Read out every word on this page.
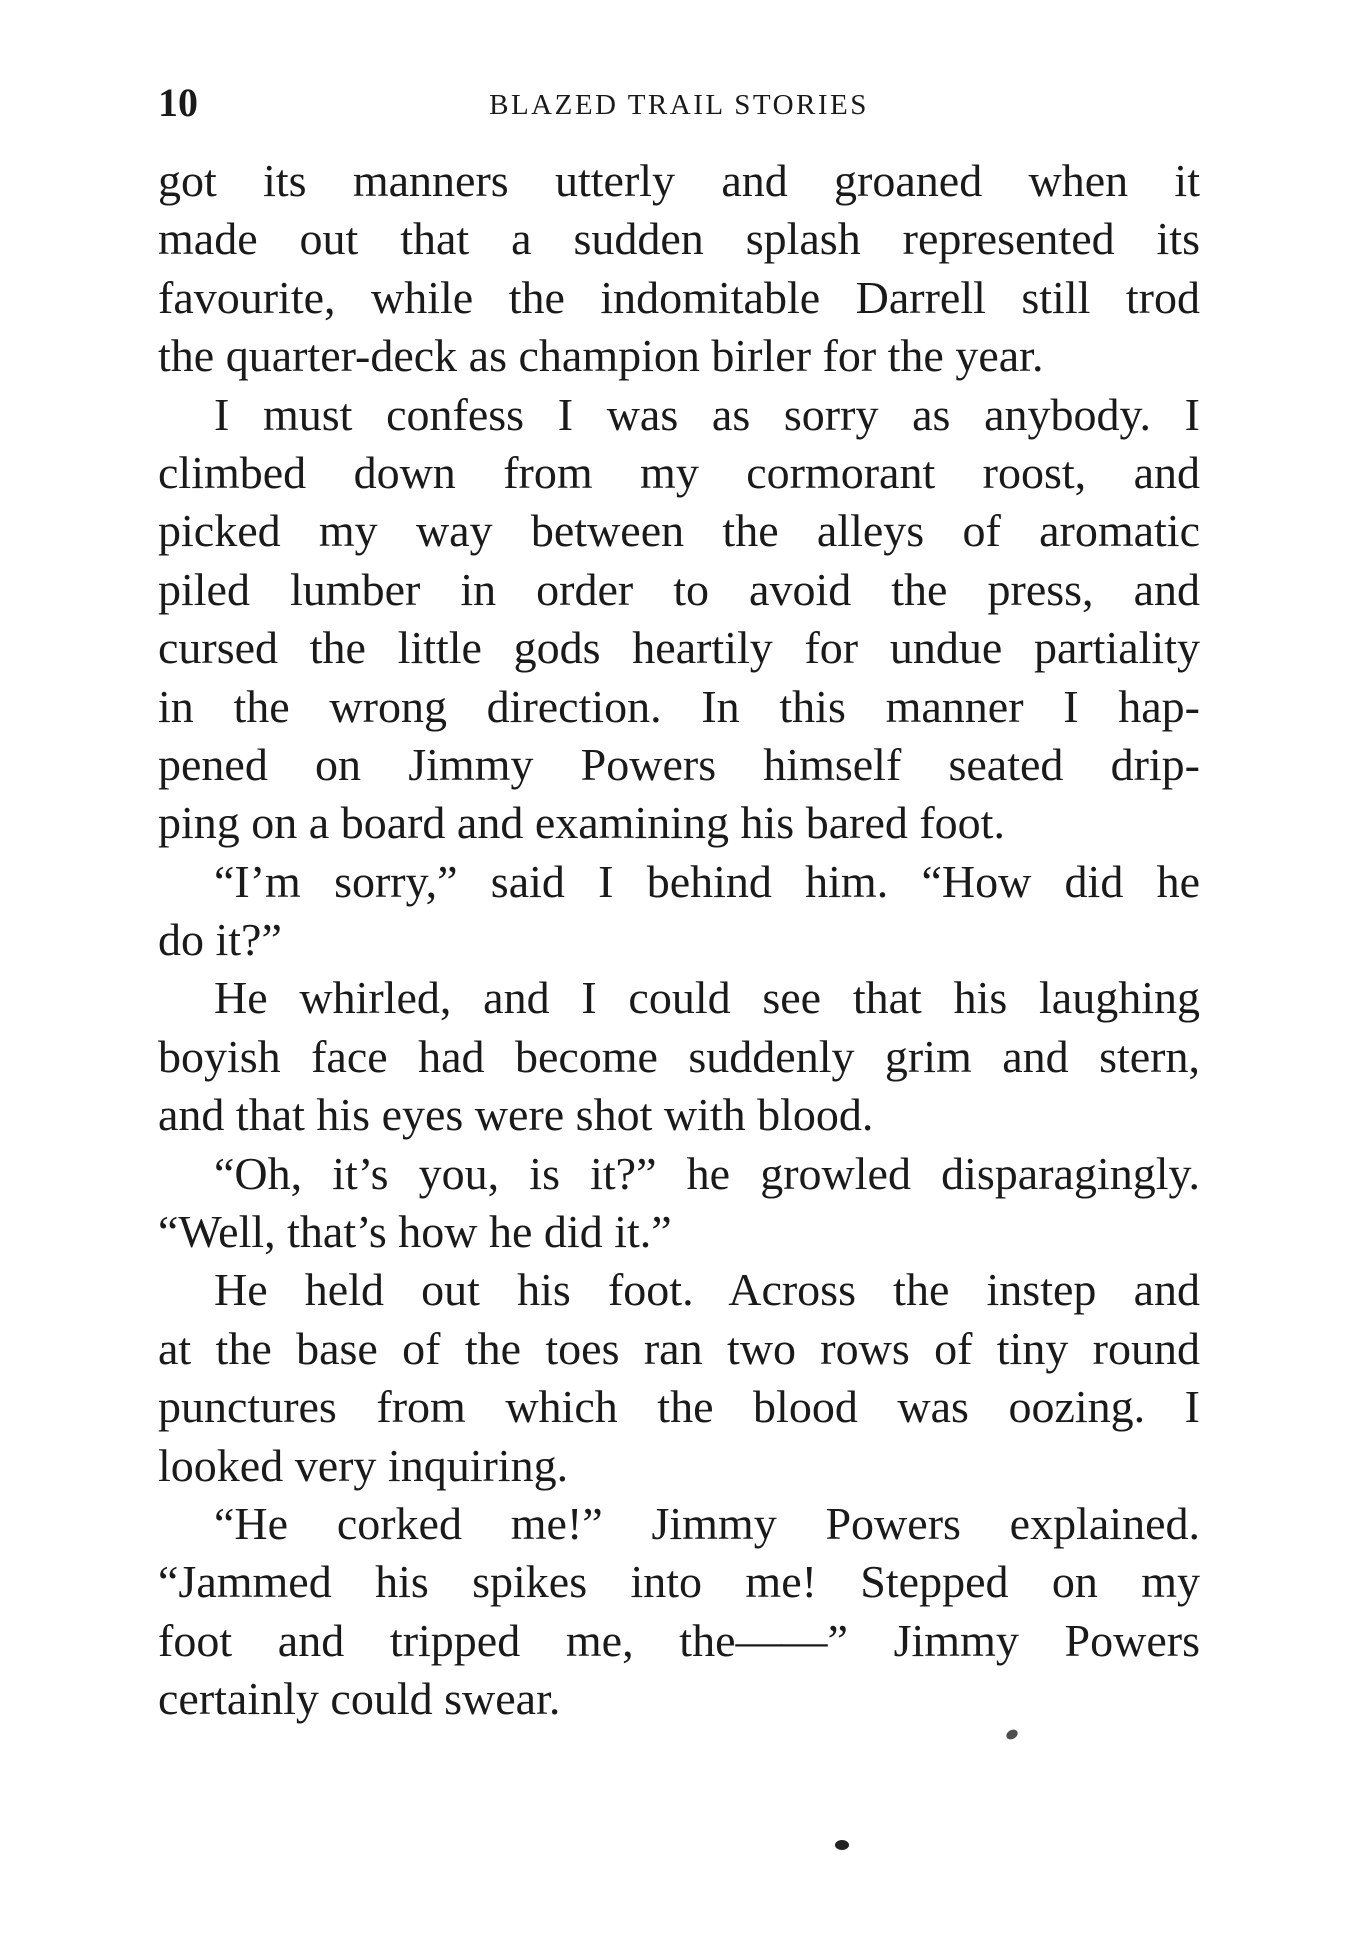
10	BLAZED TRAIL STORIES
got its manners utterly and groaned when it
made out that a sudden splash represented its
favourite, while the indomitable Darrell still trod
the quarter-deck as champion birler for the year.
I must confess I was as sorry as anybody. I
climbed down from my cormorant roost, and
picked my way between the alleys of aromatic
piled lumber in order to avoid the press, and
cursed the little gods heartily for undue partiality
in the wrong direction. In this manner I hap-
pened on Jimmy Powers himself seated drip-
ping on a board and examining his bared foot.
“I’m sorry,” said I behind him. “How did he
do it?”
He whirled, and I could see that his laughing
boyish face had become suddenly grim and stern,
and that his eyes were shot with blood.
“Oh, it’s you, is it?” he growled disparagingly.
“Well, that’s how he did it.”
He held out his foot. Across the instep and
at the base of the toes ran two rows of tiny round
punctures from which the blood was oozing. I
looked very inquiring.
“He corked me!” Jimmy Powers explained.
“Jammed his spikes into me! Stepped on my
foot and tripped me, the——” Jimmy Powers
certainly could swear.
